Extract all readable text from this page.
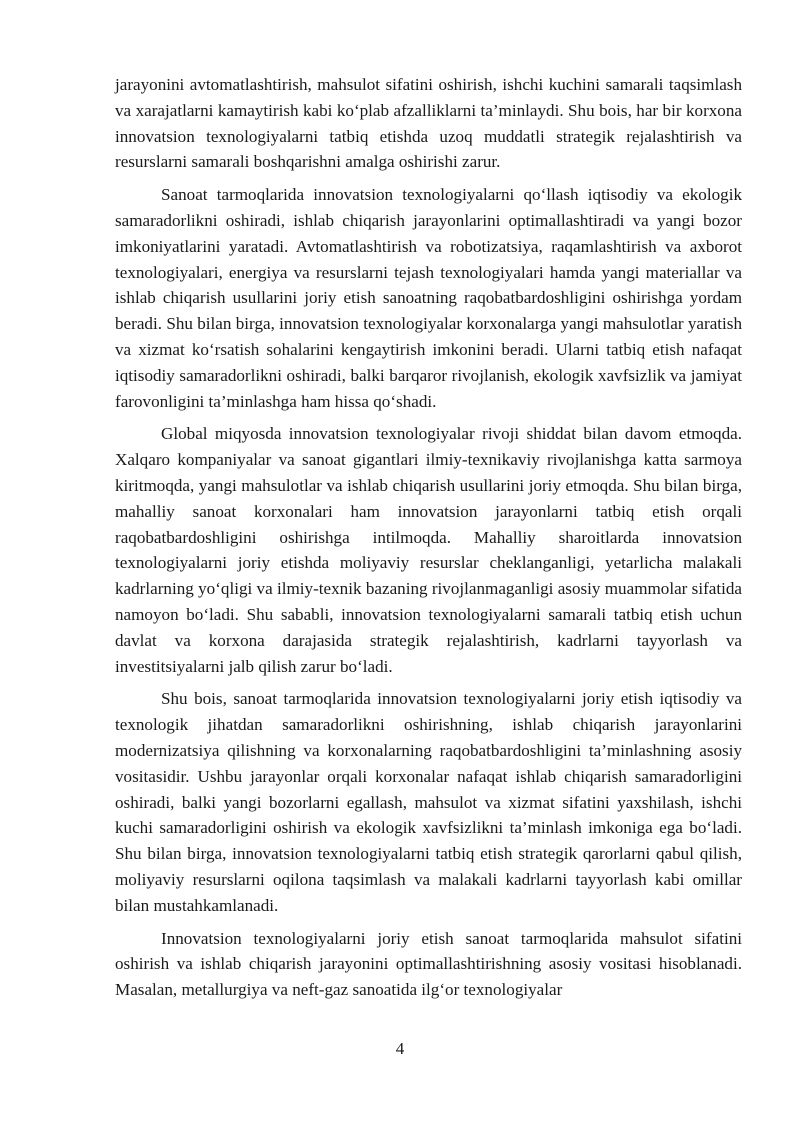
jarayonini avtomatlashtirish, mahsulot sifatini oshirish, ishchi kuchini samarali taqsimlash va xarajatlarni kamaytirish kabi ko‘plab afzalliklarni ta’minlaydi. Shu bois, har bir korxona innovatsion texnologiyalarni tatbiq etishda uzoq muddatli strategik rejalashtirish va resurslarni samarali boshqarishni amalga oshirishi zarur.

Sanoat tarmoqlarida innovatsion texnologiyalarni qo‘llash iqtisodiy va ekologik samaradorlikni oshiradi, ishlab chiqarish jarayonlarini optimallashtiradi va yangi bozor imkoniyatlarini yaratadi. Avtomatlashtirish va robotizatsiya, raqamlashtirish va axborot texnologiyalari, energiya va resurslarni tejash texnologiyalari hamda yangi materiallar va ishlab chiqarish usullarini joriy etish sanoatning raqobatbardoshligini oshirishga yordam beradi. Shu bilan birga, innovatsion texnologiyalar korxonalarga yangi mahsulotlar yaratish va xizmat ko‘rsatish sohalarini kengaytirish imkonini beradi. Ularni tatbiq etish nafaqat iqtisodiy samaradorlikni oshiradi, balki barqaror rivojlanish, ekologik xavfsizlik va jamiyat farovonligini ta’minlashga ham hissa qo‘shadi.

Global miqyosda innovatsion texnologiyalar rivoji shiddat bilan davom etmoqda. Xalqaro kompaniyalar va sanoat gigantlari ilmiy-texnikaviy rivojlanishga katta sarmoya kiritmoqda, yangi mahsulotlar va ishlab chiqarish usullarini joriy etmoqda. Shu bilan birga, mahalliy sanoat korxonalari ham innovatsion jarayonlarni tatbiq etish orqali raqobatbardoshligini oshirishga intilmoqda. Mahalliy sharoitlarda innovatsion texnologiyalarni joriy etishda moliyaviy resurslar cheklanganligi, yetarlicha malakali kadrlarning yo‘qligi va ilmiy-texnik bazaning rivojlanmaganligi asosiy muammolar sifatida namoyon bo‘ladi. Shu sababli, innovatsion texnologiyalarni samarali tatbiq etish uchun davlat va korxona darajasida strategik rejalashtirish, kadrlarni tayyorlash va investitsiyalarni jalb qilish zarur bo‘ladi.

Shu bois, sanoat tarmoqlarida innovatsion texnologiyalarni joriy etish iqtisodiy va texnologik jihatdan samaradorlikni oshirishning, ishlab chiqarish jarayonlarini modernizatsiya qilishning va korxonalarning raqobatbardoshligini ta’minlashning asosiy vositasidir. Ushbu jarayonlar orqali korxonalar nafaqat ishlab chiqarish samaradorligini oshiradi, balki yangi bozorlarni egallash, mahsulot va xizmat sifatini yaxshilash, ishchi kuchi samaradorligini oshirish va ekologik xavfsizlikni ta’minlash imkoniga ega bo‘ladi. Shu bilan birga, innovatsion texnologiyalarni tatbiq etish strategik qarorlarni qabul qilish, moliyaviy resurslarni oqilona taqsimlash va malakali kadrlarni tayyorlash kabi omillar bilan mustahkamlanadi.

Innovatsion texnologiyalarni joriy etish sanoat tarmoqlarida mahsulot sifatini oshirish va ishlab chiqarish jarayonini optimallashtirishning asosiy vositasi hisoblanadi. Masalan, metallurgiya va neft-gaz sanoatida ilg‘or texnologiyalar

4
